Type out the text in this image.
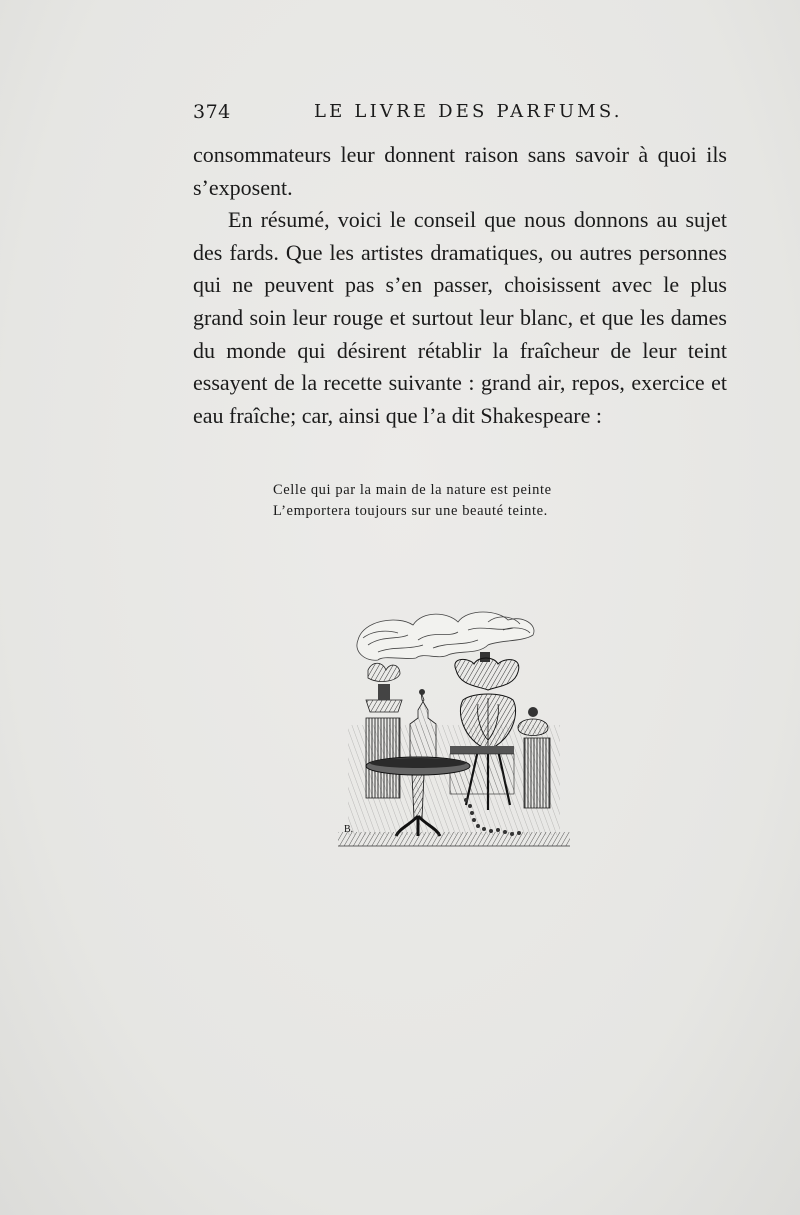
374	LE LIVRE DES PARFUMS.

consommateurs leur donnent raison sans savoir à quoi ils s’exposent.

En résumé, voici le conseil que nous donnons au sujet des fards. Que les artistes dramatiques, ou autres personnes qui ne peuvent pas s’en passer, choisissent avec le plus grand soin leur rouge et surtout leur blanc, et que les dames du monde qui désirent rétablir la fraîcheur de leur teint essayent de la recette suivante : grand air, repos, exercice et eau fraîche; car, ainsi que l’a dit Shakespeare :

Celle qui par la main de la nature est peinte
L’emportera toujours sur une beauté teinte.
B.
